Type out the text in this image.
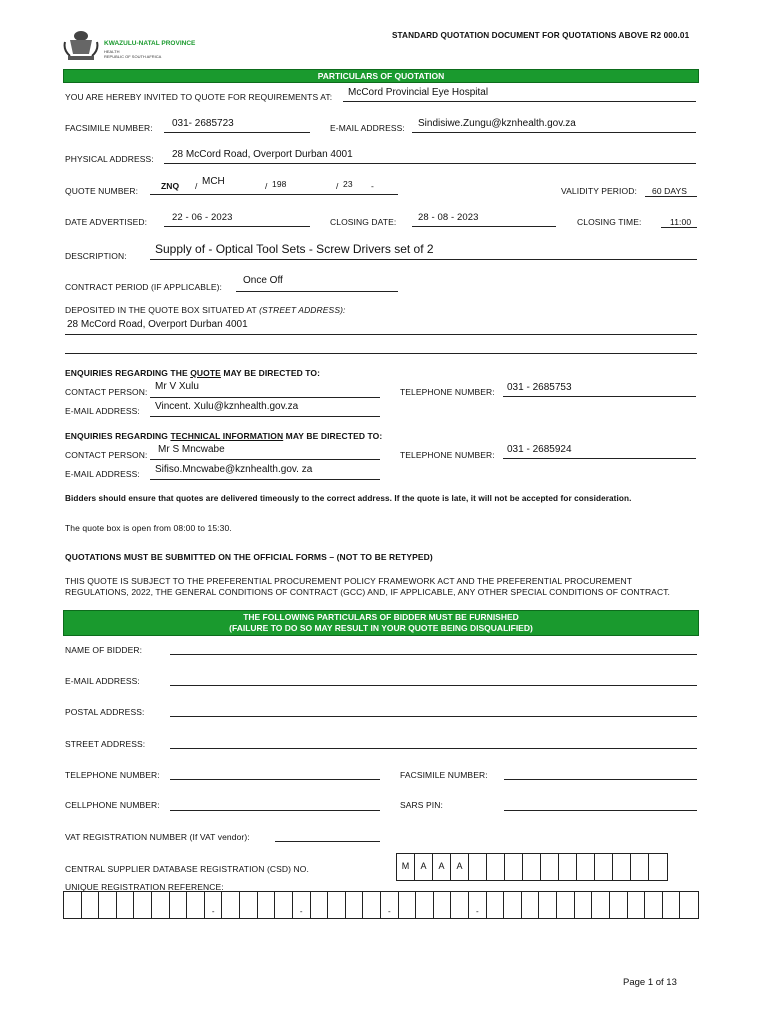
KWAZULU-NATAL PROVINCE
HEALTH
REPUBLIC OF SOUTH AFRICA
STANDARD QUOTATION DOCUMENT FOR QUOTATIONS ABOVE R2 000.01
PARTICULARS OF QUOTATION
YOU ARE HEREBY INVITED TO QUOTE FOR REQUIREMENTS AT: McCord Provincial Eye Hospital
FACSIMILE NUMBER: 031- 2685723	E-MAIL ADDRESS: Sindisiwe.Zungu@kznhealth.gov.za
PHYSICAL ADDRESS: 28 McCord Road, Overport Durban 4001
QUOTE NUMBER:	ZNQ / MCH	/ 198	/ 23 -	VALIDITY PERIOD: 60 DAYS
DATE ADVERTISED:	22 - 06 - 2023	CLOSING DATE: 28 - 08 - 2023	CLOSING TIME:	11:00
DESCRIPTION: Supply of - Optical Tool Sets - Screw Drivers set of 2
CONTRACT PERIOD (IF APPLICABLE):
Once Off
DEPOSITED IN THE QUOTE BOX SITUATED AT (STREET ADDRESS):
28 McCord Road, Overport Durban 4001
ENQUIRIES REGARDING THE QUOTE MAY BE DIRECTED TO:
CONTACT PERSON: Mr V Xulu	TELEPHONE NUMBER: 031 - 2685753
E-MAIL ADDRESS: Vincent. Xulu@kznhealth.gov.za
ENQUIRIES REGARDING TECHNICAL INFORMATION MAY BE DIRECTED TO:
CONTACT PERSON: Mr S Mncwabe	TELEPHONE NUMBER: 031 - 2685924
E-MAIL ADDRESS: Sifiso.Mncwabe@kznhealth.gov. za
Bidders should ensure that quotes are delivered timeously to the correct address. If the quote is late, it will not be accepted for consideration.
The quote box is open from 08:00 to 15:30.
QUOTATIONS MUST BE SUBMITTED ON THE OFFICIAL FORMS – (NOT TO BE RETYPED)
THIS QUOTE IS SUBJECT TO THE PREFERENTIAL PROCUREMENT POLICY FRAMEWORK ACT AND THE PREFERENTIAL PROCUREMENT
REGULATIONS, 2022, THE GENERAL CONDITIONS OF CONTRACT (GCC) AND, IF APPLICABLE, ANY OTHER SPECIAL CONDITIONS OF CONTRACT.
THE FOLLOWING PARTICULARS OF BIDDER MUST BE FURNISHED
(FAILURE TO DO SO MAY RESULT IN YOUR QUOTE BEING DISQUALIFIED)
NAME OF BIDDER:
E-MAIL ADDRESS:
POSTAL ADDRESS:
STREET ADDRESS:
TELEPHONE NUMBER:	FACSIMILE NUMBER:
CELLPHONE NUMBER:	SARS PIN:
VAT REGISTRATION NUMBER (If VAT vendor):
CENTRAL SUPPLIER DATABASE REGISTRATION (CSD) NO.	M	A	A	A
UNIQUE REGISTRATION REFERENCE:
-	-	-	-
Page 1 of 13
